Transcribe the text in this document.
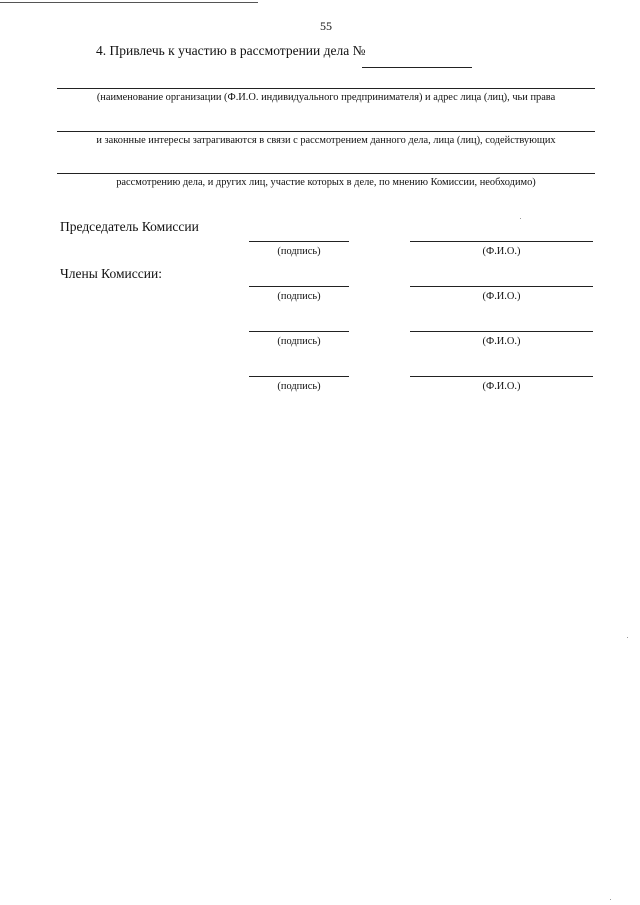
55
4. Привлечь к участию в рассмотрении дела №
(наименование организации (Ф.И.О. индивидуального предпринимателя) и адрес лица (лиц), чьи права
и законные интересы затрагиваются в связи с рассмотрением данного дела, лица (лиц), содействующих
рассмотрению дела, и других лиц, участие которых в деле, по мнению Комиссии, необходимо)
Председатель Комиссии
(подпись)	(Ф.И.О.)
Члены Комиссии:
(подпись)	(Ф.И.О.)
(подпись)	(Ф.И.О.)
(подпись)	(Ф.И.О.)
